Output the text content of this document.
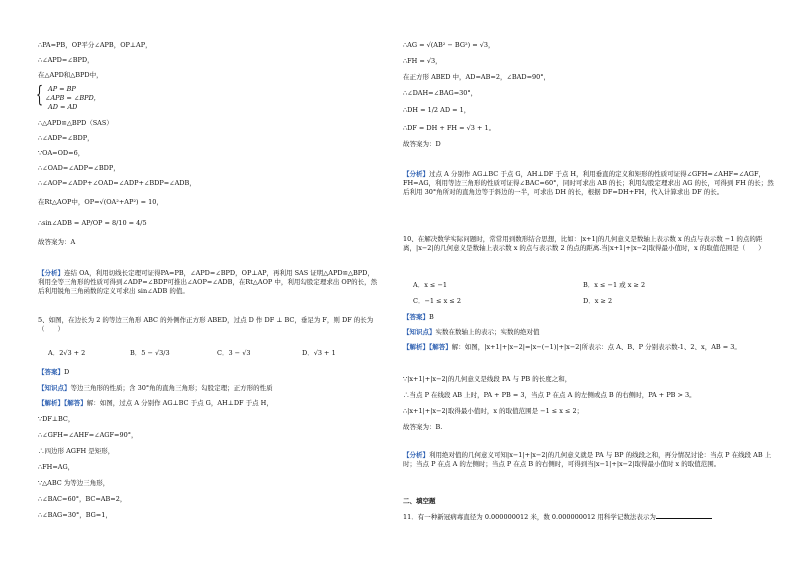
∴PA=PB，OP平分∠APB，OP⊥AP，
∴∠APD=∠BPD，
在△APD和△BPD中，
{ AP = BP
∠APB = ∠BPD，
AD = AD
∴△APD≌△BPD（SAS）
∴∠ADP=∠BDP，
∵OA=OD=6，
∴∠OAD=∠ADP=∠BDP，
∴∠AOP=∠ADP+∠OAD=∠ADP+∠BDP=∠ADB，
在Rt△AOP中，OP=√(OA²+AP²) = 10，
∴sin∠ADB = AP/OP = 8/10 = 4/5
故答案为：A
【分析】连结 OA，利用切线长定理可证得PA=PB，∠APD=∠BPD，OP⊥AP，再利用 SAS 证明△APD≌△BPD，利用全等三角形的性质可得到∠ADP=∠BDP可推出∠AOP=∠ADB，在Rt△AOP 中，利用勾股定理求出 OP的长，然后利用锐角三角函数的定义可求出 sin∠ADB 的值。
5、如图，在边长为 2 的等边三角形 ABC 的外侧作正方形 ABED，过点 D 作 DF ⊥ BC，垂足为 F，则 DF 的长为（　　）
A．2√3 + 2	B．5 − √3/3	C．3 − √3	D．√3 + 1
【答案】D
【知识点】等边三角形的性质；含 30°角的直角三角形；勾股定理；正方形的性质
【解析】【解答】解：如图，过点 A 分别作 AG⊥BC 于点 G，AH⊥DF 于点 H，
∵DF⊥BC，
∴∠GFH=∠AHF=∠AGF=90°，
∴四边形 AGFH 是矩形，
∴FH=AG，
∵△ABC 为等边三角形，
∴∠BAC=60°，BC=AB=2，
∴∠BAG=30°，BG=1，
∴AG = √(AB² − BG²) = √3，
∴FH = √3，
在正方形 ABED 中，AD=AB=2，∠BAD=90°，
∴∠DAH=∠BAG=30°，
∴DH = 1/2 AD = 1，
∴DF = DH + FH = √3 + 1。
故答案为：D
【分析】过点 A 分别作 AG⊥BC 于点 G，AH⊥DF 于点 H，利用垂直的定义和矩形的性质可证得∠GFH=∠AHF=∠AGF，FH=AG，利用等边三角形的性质可证得∠BAC=60°，同时可求出 AB 的长；利用勾股定理求出 AG 的长，可得到 FH 的长；然后利用 30°角所对的直角边等于斜边的一半，可求出 DH 的长，根据 DF=DH+FH，代入计算求出 DF 的长。
10、在解决数学实际问题时，常常用到数形结合思想，比如：|x+1|的几何意义是数轴上表示数 x 的点与表示数 −1 的点的距离，|x−2|的几何意义是数轴上表示数 x 的点与表示数 2 的点的距离.当|x+1|+|x−2|取得最小值时，x 的取值范围是（　　）
A．x ≤ −1	B．x ≤ −1 或 x ≥ 2
C．−1 ≤ x ≤ 2	D．x ≥ 2
【答案】B
【知识点】实数在数轴上的表示；实数的绝对值
【解析】【解答】解：如图，|x+1|+|x−2|=|x−(−1)|+|x−2|所表示：点 A、B、P 分别表示数-1、2、x，AB = 3。
∵|x+1|+|x−2|的几何意义是线段 PA 与 PB 的长度之和，
∴当点 P 在线段 AB 上时，PA + PB = 3，当点 P 在点 A 的左侧或点 B 的右侧时，PA + PB > 3。
∴|x+1|+|x−2|取得最小值时，x 的取值范围是 −1 ≤ x ≤ 2；
故答案为：B.
【分析】利用绝对值的几何意义可知|x−1|+|x−2|的几何意义就是 PA 与 BP 的线段之和，再分情况讨论：当点 P 在线段 AB 上时；当点 P 在点 A 的左侧时；当点 P 在点 B 的右侧时，可得到当|x−1|+|x−2|取得最小值时 x 的取值范围。
二、填空题
11．有一种新冠病毒直径为 0.000000012 米，数 0.000000012 用科学记数法表示为
